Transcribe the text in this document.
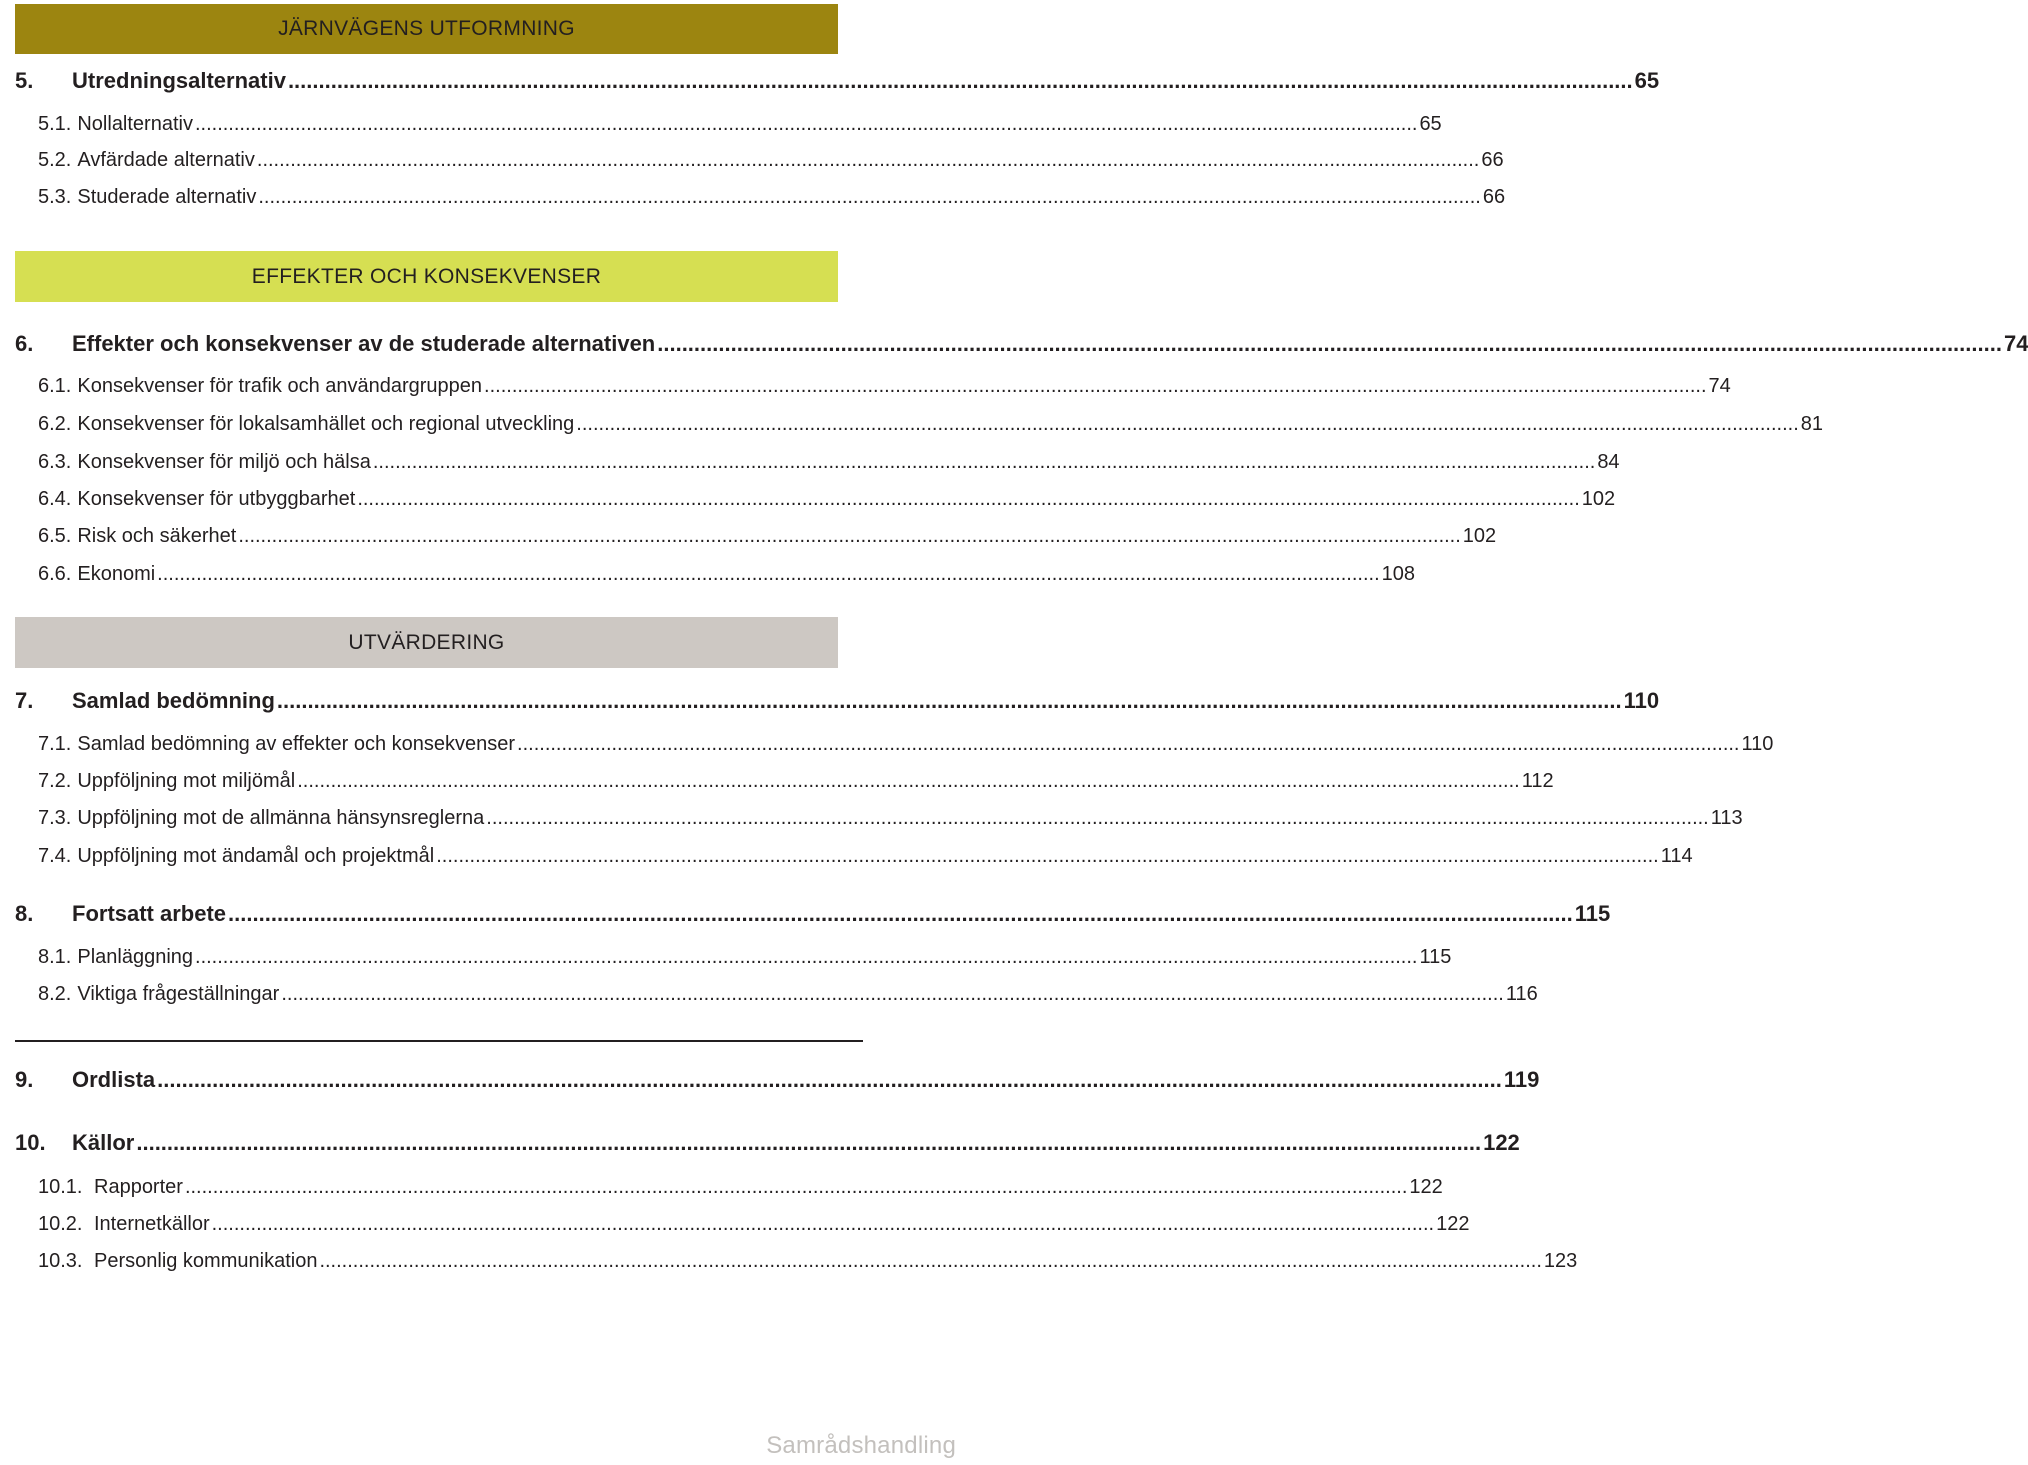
JÄRNVÄGENS UTFORMNING
5. Utredningsalternativ............................................................................................................................................................................................................................ 65
5.1. Nollalternativ ............................................................................................................................................................................................................................ 65
5.2. Avfärdade alternativ ............................................................................................................................................................................................................................ 66
5.3. Studerade alternativ ............................................................................................................................................................................................................................ 66
EFFEKTER OCH KONSEKVENSER
6. Effekter och konsekvenser av de studerade alternativen............................................................................................................................................................................................................................ 74
6.1. Konsekvenser för trafik och användargruppen ............................................................................................................................................................................................................................ 74
6.2. Konsekvenser för lokalsamhället och regional utveckling ............................................................................................................................................................................................................................ 81
6.3. Konsekvenser för miljö och hälsa ............................................................................................................................................................................................................................ 84
6.4. Konsekvenser för utbyggbarhet ............................................................................................................................................................................................................................ 102
6.5. Risk och säkerhet ............................................................................................................................................................................................................................ 102
6.6. Ekonomi ............................................................................................................................................................................................................................ 108
UTVÄRDERING
7. Samlad bedömning............................................................................................................................................................................................................................ 110
7.1. Samlad bedömning av effekter och konsekvenser ............................................................................................................................................................................................................................ 110
7.2. Uppföljning mot miljömål ............................................................................................................................................................................................................................ 112
7.3. Uppföljning mot de allmänna hänsynsreglerna ............................................................................................................................................................................................................................ 113
7.4. Uppföljning mot ändamål och projektmål ............................................................................................................................................................................................................................ 114
8. Fortsatt arbete............................................................................................................................................................................................................................ 115
8.1. Planläggning ............................................................................................................................................................................................................................ 115
8.2. Viktiga frågeställningar ............................................................................................................................................................................................................................ 116
9. Ordlista............................................................................................................................................................................................................................ 119
10. Källor............................................................................................................................................................................................................................ 122
10.1. Rapporter ............................................................................................................................................................................................................................ 122
10.2. Internetkällor ............................................................................................................................................................................................................................ 122
10.3. Personlig kommunikation ............................................................................................................................................................................................................................ 123
Samrådshandling
